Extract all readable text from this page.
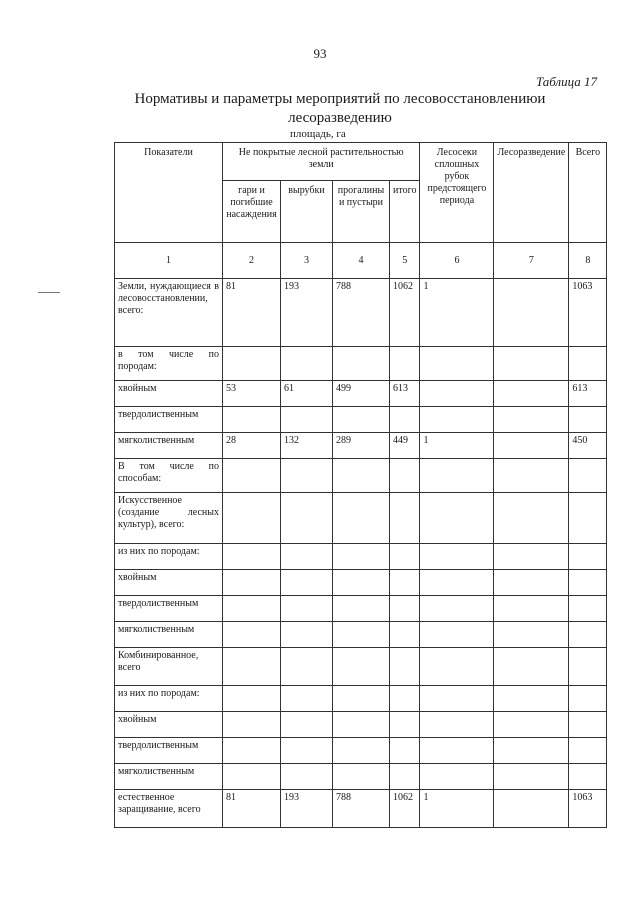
93
Таблица 17
Нормативы и параметры мероприятий по лесовосстановлениюи лесоразведению
площадь, га
Показатели	Не покрытые лесной растительностью земли				Лесосеки сплошных рубок предстоящего периода	Лесоразведение	Всего
	гари и погибшие насаждения	вырубки	прогалины и пустыри	итого			
1	2	3	4	5	6	7	8
Земли, нуждающиеся в лесовосстановлении, всего:	81	193	788	1062	1		1063
в том числе по породам:							
хвойным	53	61	499	613			613
твердолиственным							
мягколиственным	28	132	289	449	1		450
В том числе по способам:							
Искусственное (создание лесных культур), всего:							
из них по породам:							
хвойным							
твердолиственным							
мягколиственным							
Комбинированное, всего							
из них по породам:							
хвойным							
твердолиственным							
мягколиственным							
естественное заращивание, всего	81	193	788	1062	1		1063
